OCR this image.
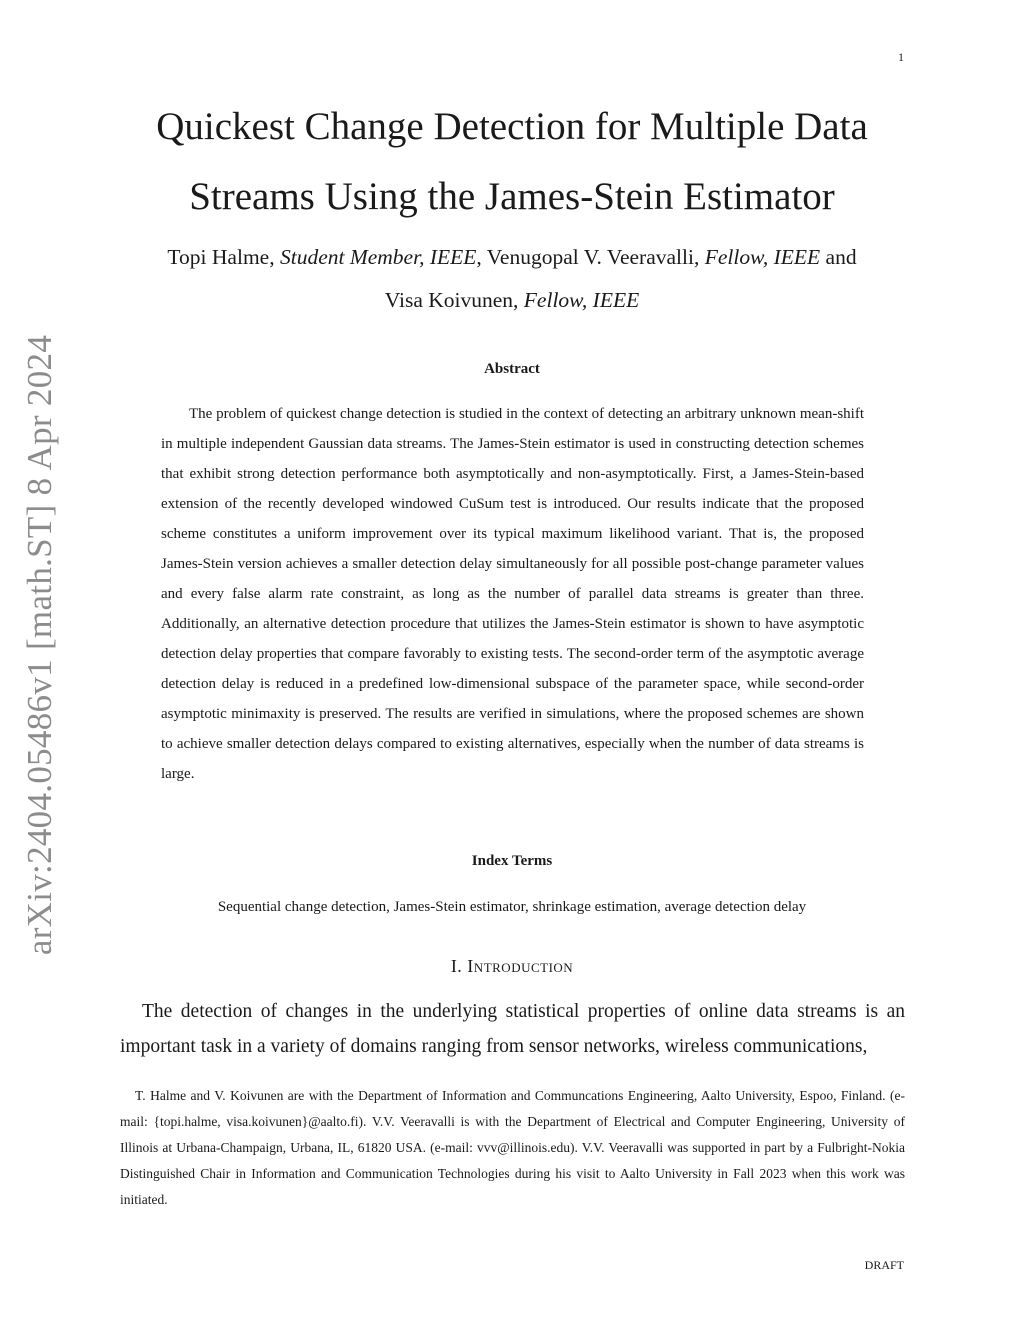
1
arXiv:2404.05486v1 [math.ST] 8 Apr 2024
Quickest Change Detection for Multiple Data
Streams Using the James-Stein Estimator
Topi Halme, Student Member, IEEE, Venugopal V. Veeravalli, Fellow, IEEE and
Visa Koivunen, Fellow, IEEE
Abstract

The problem of quickest change detection is studied in the context of detecting an arbitrary unknown mean-shift in multiple independent Gaussian data streams. The James-Stein estimator is used in constructing detection schemes that exhibit strong detection performance both asymptotically and non-asymptotically. First, a James-Stein-based extension of the recently developed windowed CuSum test is introduced. Our results indicate that the proposed scheme constitutes a uniform improvement over its typical maximum likelihood variant. That is, the proposed James-Stein version achieves a smaller detection delay simultaneously for all possible post-change parameter values and every false alarm rate constraint, as long as the number of parallel data streams is greater than three. Additionally, an alternative detection procedure that utilizes the James-Stein estimator is shown to have asymptotic detection delay properties that compare favorably to existing tests. The second-order term of the asymptotic average detection delay is reduced in a predefined low-dimensional subspace of the parameter space, while second-order asymptotic minimaxity is preserved. The results are verified in simulations, where the proposed schemes are shown to achieve smaller detection delays compared to existing alternatives, especially when the number of data streams is large.

Index Terms
Sequential change detection, James-Stein estimator, shrinkage estimation, average detection delay
I. Introduction

The detection of changes in the underlying statistical properties of online data streams is an important task in a variety of domains ranging from sensor networks, wireless communications,

T. Halme and V. Koivunen are with the Department of Information and Communcations Engineering, Aalto University, Espoo, Finland. (e-mail: {topi.halme, visa.koivunen}@aalto.fi). V.V. Veeravalli is with the Department of Electrical and Computer Engineering, University of Illinois at Urbana-Champaign, Urbana, IL, 61820 USA. (e-mail: vvv@illinois.edu). V.V. Veeravalli was supported in part by a Fulbright-Nokia Distinguished Chair in Information and Communication Technologies during his visit to Aalto University in Fall 2023 when this work was initiated.

DRAFT
